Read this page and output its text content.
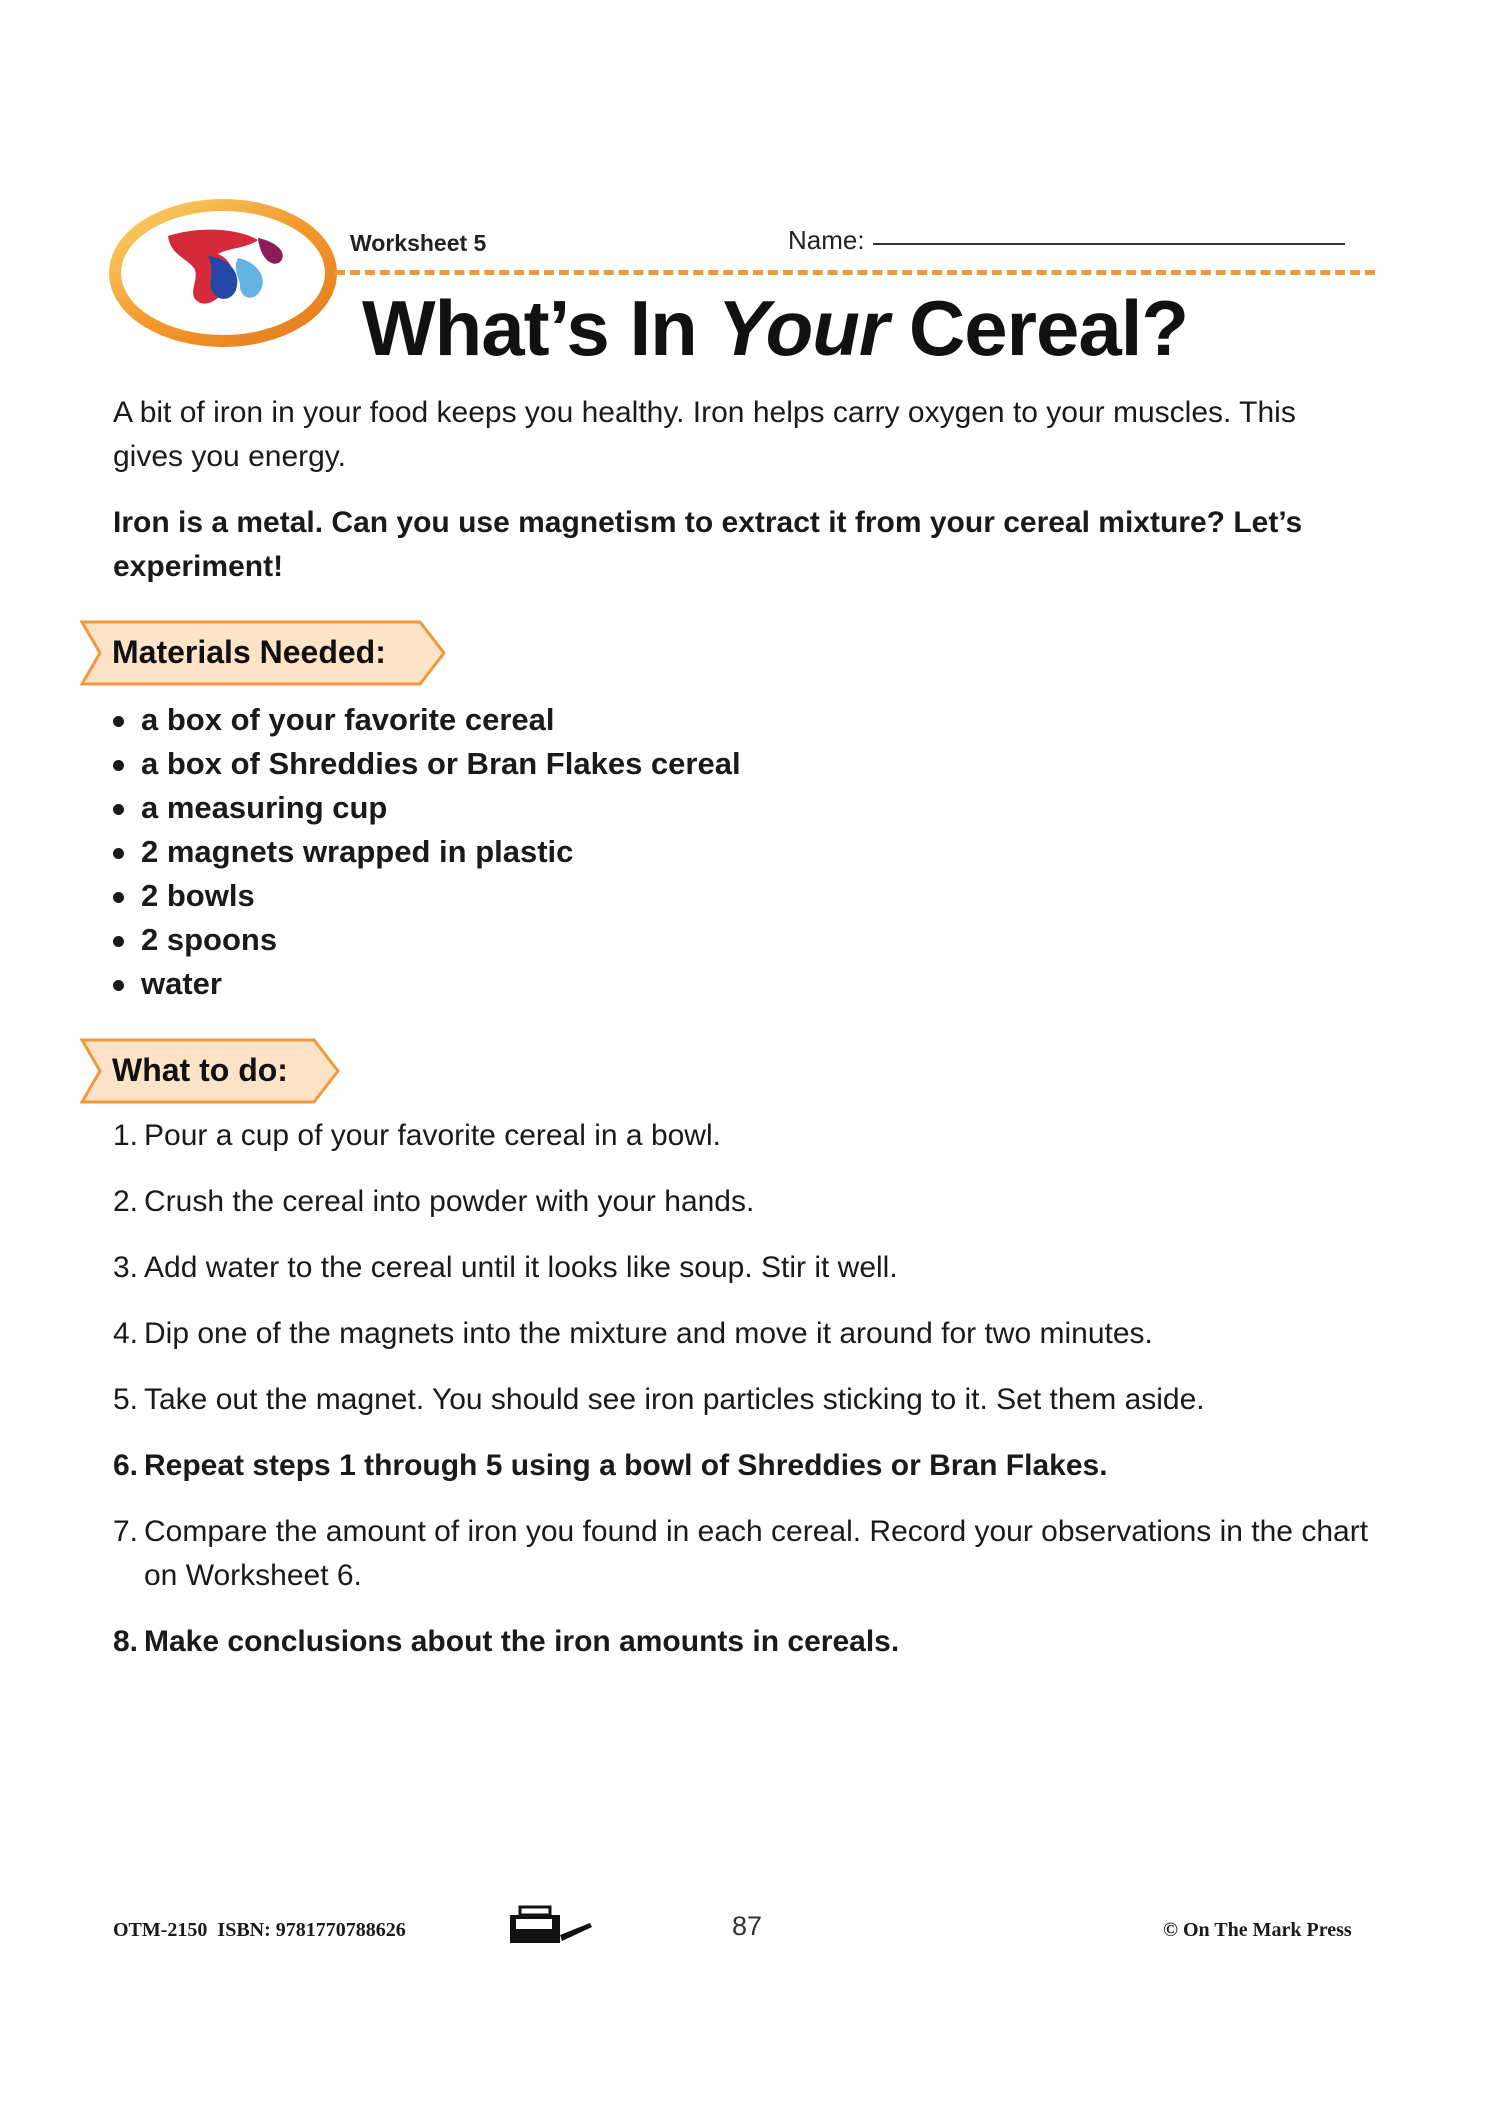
Worksheet 5	Name:
What’s In Your Cereal?
A bit of iron in your food keeps you healthy. Iron helps carry oxygen to your muscles. This gives you energy.
Iron is a metal. Can you use magnetism to extract it from your cereal mixture? Let’s experiment!
Materials Needed:
a box of your favorite cereal
a box of Shreddies or Bran Flakes cereal
a measuring cup
2 magnets wrapped in plastic
2 bowls
2 spoons
water
What to do:
1. Pour a cup of your favorite cereal in a bowl.
2. Crush the cereal into powder with your hands.
3. Add water to the cereal until it looks like soup. Stir it well.
4. Dip one of the magnets into the mixture and move it around for two minutes.
5. Take out the magnet. You should see iron particles sticking to it. Set them aside.
6. Repeat steps 1 through 5 using a bowl of Shreddies or Bran Flakes.
7. Compare the amount of iron you found in each cereal. Record your observations in the chart on Worksheet 6.
8. Make conclusions about the iron amounts in cereals.
OTM-2150  ISBN: 9781770788626	87	© On The Mark Press
